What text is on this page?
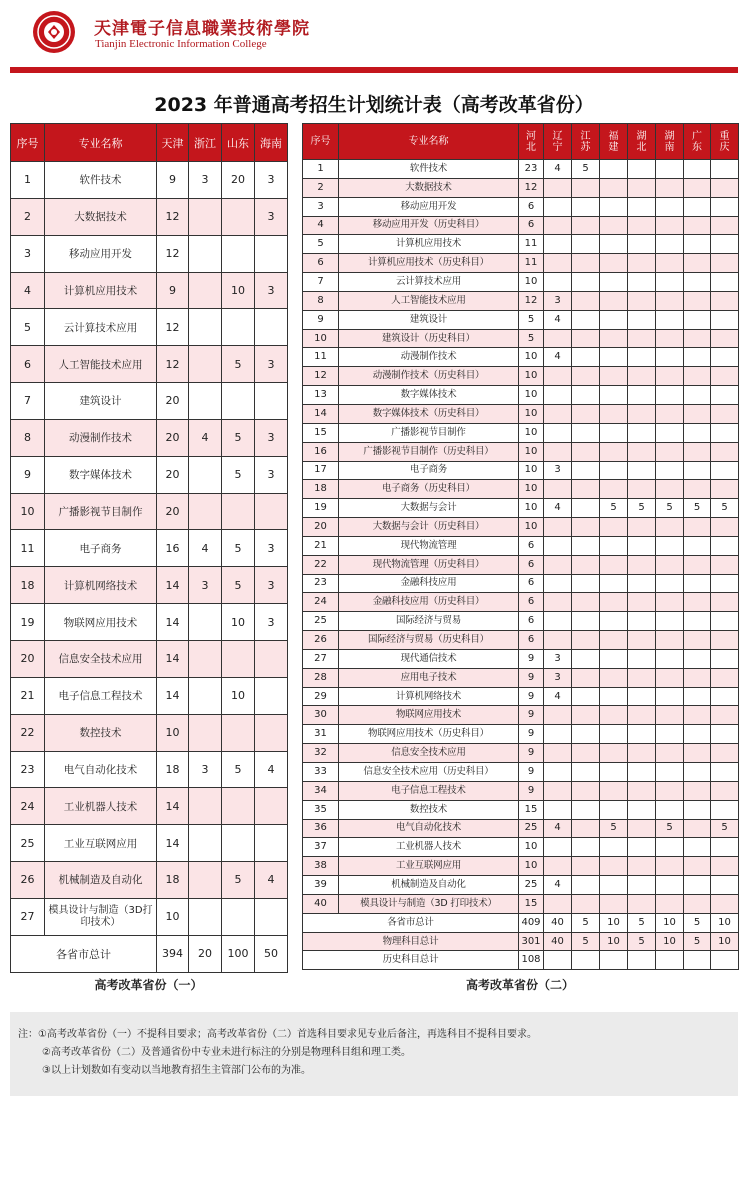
天津電子信息職業技術學院
Tianjin Electronic Information College
2023 年普通高考招生计划统计表（高考改革省份）
序号	专业名称	天津	浙江	山东	海南
1	软件技术	9	3	20	3
2	大数据技术	12			3
3	移动应用开发	12			
4	计算机应用技术	9		10	3
5	云计算技术应用	12			
6	人工智能技术应用	12		5	3
7	建筑设计	20			
8	动漫制作技术	20	4	5	3
9	数字媒体技术	20		5	3
10	广播影视节目制作	20			
11	电子商务	16	4	5	3
18	计算机网络技术	14	3	5	3
19	物联网应用技术	14		10	3
20	信息安全技术应用	14			
21	电子信息工程技术	14		10	
22	数控技术	10			
23	电气自动化技术	18	3	5	4
24	工业机器人技术	14			
25	工业互联网应用	14			
26	机械制造及自动化	18		5	4
27	模具设计与制造（3D打印技术）	10			
各省市总计		394	20	100	50
序号	专业名称	河北	辽宁	江苏	福建	湖北	湖南	广东	重庆
1	软件技术	23	4	5					
2	大数据技术	12							
3	移动应用开发	6							
4	移动应用开发（历史科目）	6							
5	计算机应用技术	11							
6	计算机应用技术（历史科目）	11							
7	云计算技术应用	10							
8	人工智能技术应用	12	3						
9	建筑设计	5	4						
10	建筑设计（历史科目）	5							
11	动漫制作技术	10	4						
12	动漫制作技术（历史科目）	10							
13	数字媒体技术	10							
14	数字媒体技术（历史科目）	10							
15	广播影视节目制作	10							
16	广播影视节目制作（历史科目）	10							
17	电子商务	10	3						
18	电子商务（历史科目）	10							
19	大数据与会计	10	4		5	5	5	5	5
20	大数据与会计（历史科目）	10							
21	现代物流管理	6							
22	现代物流管理（历史科目）	6							
23	金融科技应用	6							
24	金融科技应用（历史科目）	6							
25	国际经济与贸易	6							
26	国际经济与贸易（历史科目）	6							
27	现代通信技术	9	3						
28	应用电子技术	9	3						
29	计算机网络技术	9	4						
30	物联网应用技术	9							
31	物联网应用技术（历史科目）	9							
32	信息安全技术应用	9							
33	信息安全技术应用（历史科目）	9							
34	电子信息工程技术	9							
35	数控技术	15							
36	电气自动化技术	25	4		5		5		5
37	工业机器人技术	10							
38	工业互联网应用	10							
39	机械制造及自动化	25	4						
40	模具设计与制造（3D 打印技术）	15							
各省市总计		409	40	5	10	5	10	5	10
物理科目总计		301	40	5	10	5	10	5	10
历史科目总计		108							
高考改革省份（一）	高考改革省份（二）
注：①高考改革省份（一）不提科目要求；高考改革省份（二）首选科目要求见专业后备注，再选科目不提科目要求。
②高考改革省份（二）及普通省份中专业未进行标注的分别是物理科目组和理工类。
③以上计划数如有变动以当地教育招生主管部门公布的为准。
